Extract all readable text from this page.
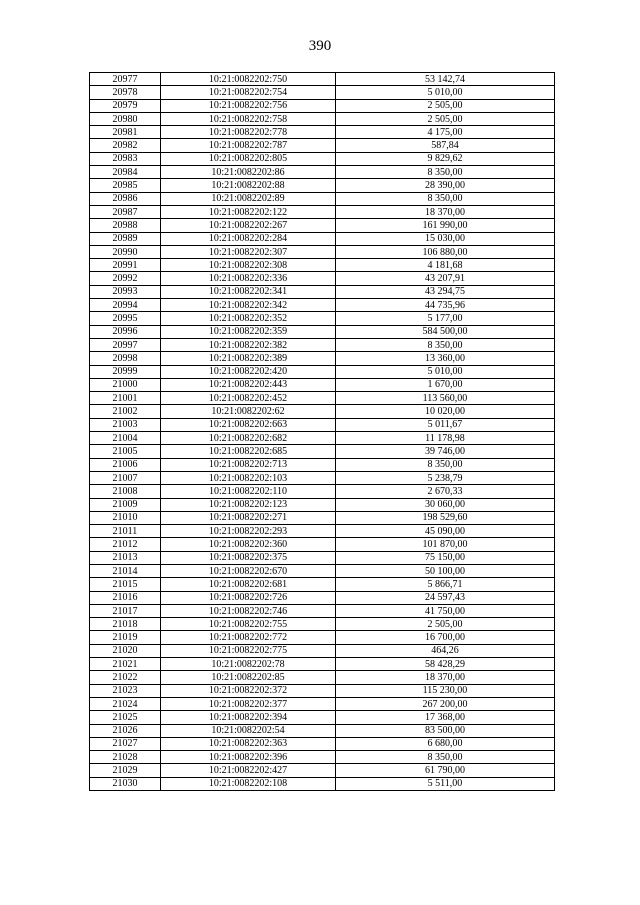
390
20977	10:21:0082202:750	53 142,74
20978	10:21:0082202:754	5 010,00
20979	10:21:0082202:756	2 505,00
20980	10:21:0082202:758	2 505,00
20981	10:21:0082202:778	4 175,00
20982	10:21:0082202:787	587,84
20983	10:21:0082202:805	9 829,62
20984	10:21:0082202:86	8 350,00
20985	10:21:0082202:88	28 390,00
20986	10:21:0082202:89	8 350,00
20987	10:21:0082202:122	18 370,00
20988	10:21:0082202:267	161 990,00
20989	10:21:0082202:284	15 030,00
20990	10:21:0082202:307	106 880,00
20991	10:21:0082202:308	4 181,68
20992	10:21:0082202:336	43 207,91
20993	10:21:0082202:341	43 294,75
20994	10:21:0082202:342	44 735,96
20995	10:21:0082202:352	5 177,00
20996	10:21:0082202:359	584 500,00
20997	10:21:0082202:382	8 350,00
20998	10:21:0082202:389	13 360,00
20999	10:21:0082202:420	5 010,00
21000	10:21:0082202:443	1 670,00
21001	10:21:0082202:452	113 560,00
21002	10:21:0082202:62	10 020,00
21003	10:21:0082202:663	5 011,67
21004	10:21:0082202:682	11 178,98
21005	10:21:0082202:685	39 746,00
21006	10:21:0082202:713	8 350,00
21007	10:21:0082202:103	5 238,79
21008	10:21:0082202:110	2 670,33
21009	10:21:0082202:123	30 060,00
21010	10:21:0082202:271	198 529,60
21011	10:21:0082202:293	45 090,00
21012	10:21:0082202:360	101 870,00
21013	10:21:0082202:375	75 150,00
21014	10:21:0082202:670	50 100,00
21015	10:21:0082202:681	5 866,71
21016	10:21:0082202:726	24 597,43
21017	10:21:0082202:746	41 750,00
21018	10:21:0082202:755	2 505,00
21019	10:21:0082202:772	16 700,00
21020	10:21:0082202:775	464,26
21021	10:21:0082202:78	58 428,29
21022	10:21:0082202:85	18 370,00
21023	10:21:0082202:372	115 230,00
21024	10:21:0082202:377	267 200,00
21025	10:21:0082202:394	17 368,00
21026	10:21:0082202:54	83 500,00
21027	10:21:0082202:363	6 680,00
21028	10:21:0082202:396	8 350,00
21029	10:21:0082202:427	61 790,00
21030	10:21:0082202:108	5 511,00
